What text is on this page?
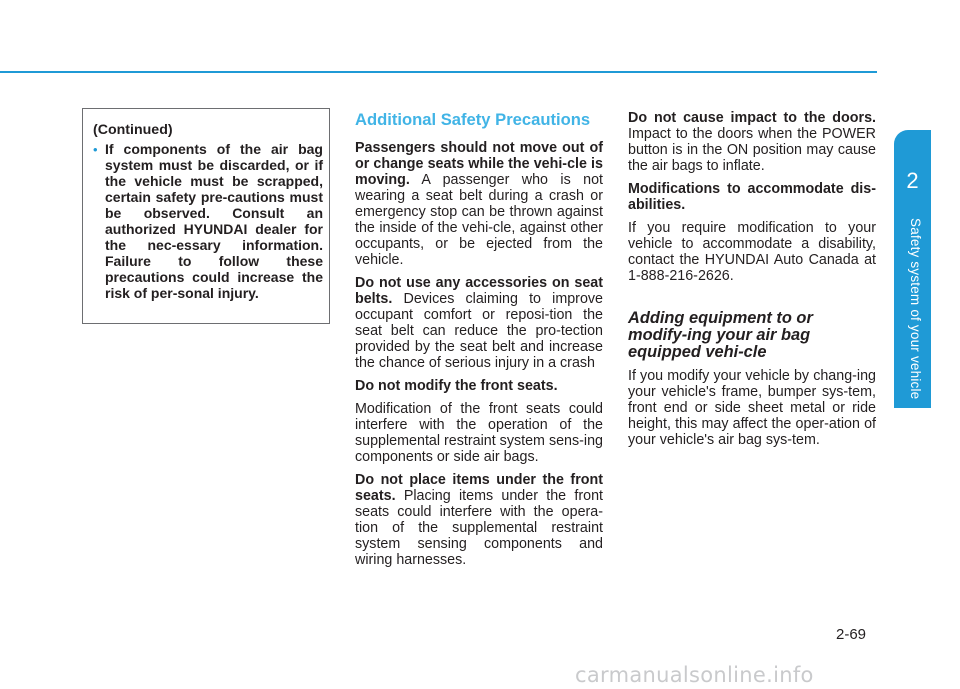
2
Safety system of your vehicle
(Continued)
• If components of the air bag system must be discarded, or if the vehicle must be scrapped, certain safety pre-cautions must be observed. Consult an authorized HYUNDAI dealer for the nec-essary information. Failure to follow these precautions could increase the risk of per-sonal injury.
Additional Safety Precautions

Passengers should not move out of or change seats while the vehi-cle is moving. A passenger who is not wearing a seat belt during a crash or emergency stop can be thrown against the inside of the vehi-cle, against other occupants, or be ejected from the vehicle.

Do not use any accessories on seat belts. Devices claiming to improve occupant comfort or reposi-tion the seat belt can reduce the pro-tection provided by the seat belt and increase the chance of serious injury in a crash

Do not modify the front seats.

Modification of the front seats could interfere with the operation of the supplemental restraint system sens-ing components or side air bags.

Do not place items under the front seats. Placing items under the front seats could interfere with the opera-tion of the supplemental restraint system sensing components and wiring harnesses.

Do not cause impact to the doors. Impact to the doors when the POWER button is in the ON position may cause the air bags to inflate.

Modifications to accommodate dis-abilities.

If you require modification to your vehicle to accommodate a disability, contact the HYUNDAI Auto Canada at 1-888-216-2626.

Adding equipment to or modify-ing your air bag equipped vehi-cle

If you modify your vehicle by chang-ing your vehicle's frame, bumper sys-tem, front end or side sheet metal or ride height, this may affect the oper-ation of your vehicle's air bag sys-tem.

2-69
carmanualsonline.info
